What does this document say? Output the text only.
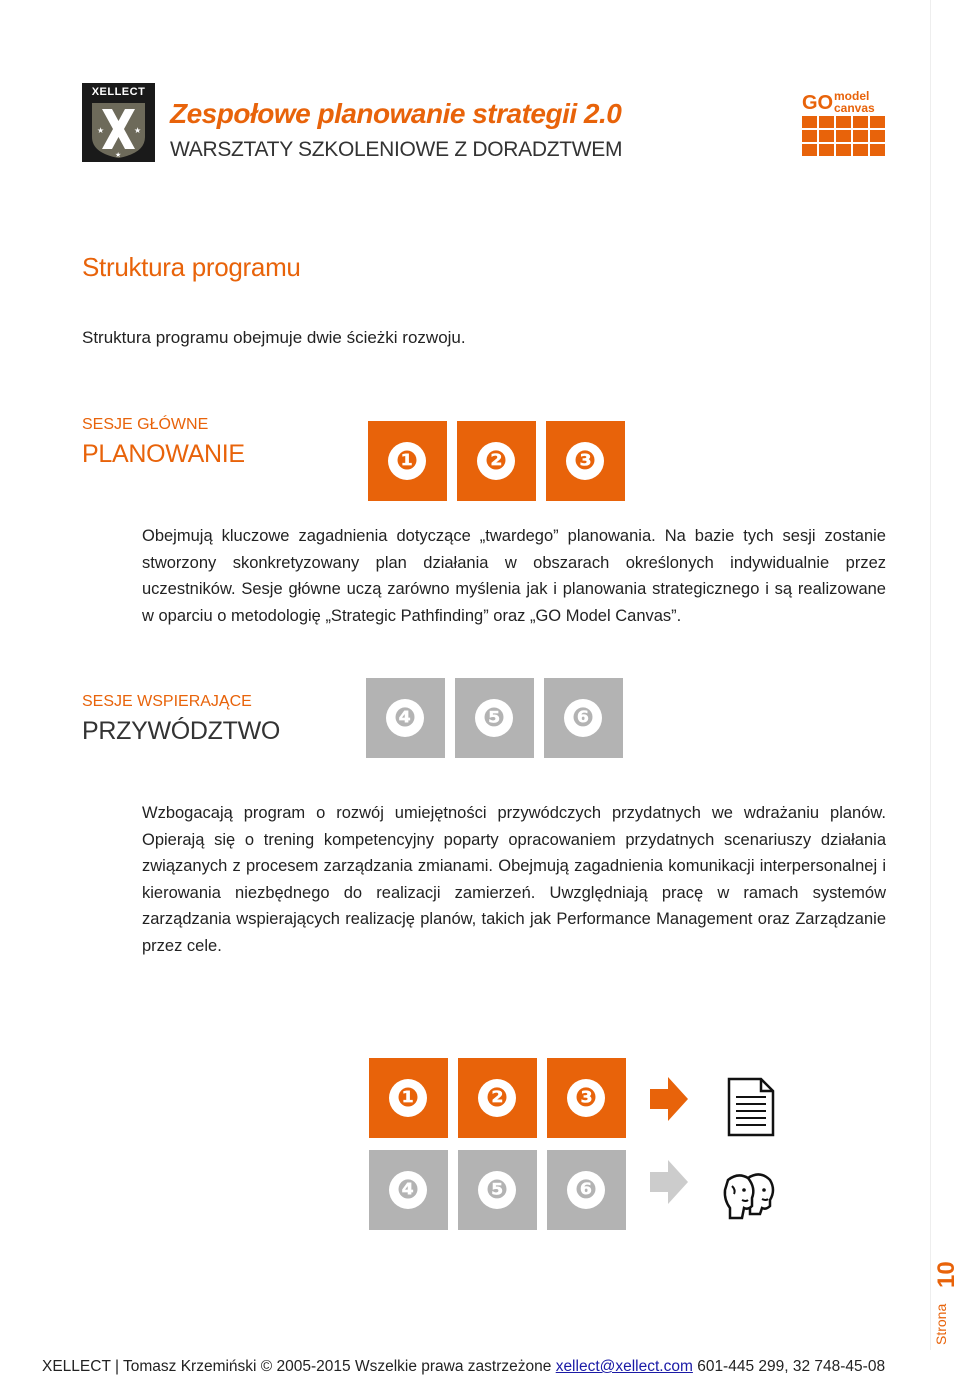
XELLECT
★	★
★
Zespołowe planowanie strategii 2.0
WARSZTATY SZKOLENIOWE Z DORADZTWEM
GO model
canvas
Struktura programu
Struktura programu obejmuje dwie ścieżki rozwoju.
SESJE GŁÓWNE
PLANOWANIE	❶	❷	❸
Obejmują kluczowe zagadnienia dotyczące „twardego” planowania. Na bazie tych sesji zostanie stworzony skonkretyzowany plan działania w obszarach określonych indywidualnie przez uczestników. Sesje główne uczą zarówno myślenia jak i planowania strategicznego i są realizowane w oparciu o metodologię „Strategic Pathfinding” oraz „GO Model Canvas”.
SESJE WSPIERAJĄCE
PRZYWÓDZTWO	❹	❺	❻
Wzbogacają program o rozwój umiejętności przywódczych przydatnych we wdrażaniu planów. Opierają się o trening kompetencyjny poparty opracowaniem przydatnych scenariuszy działania związanych z procesem zarządzania zmianami. Obejmują zagadnienia komunikacji interpersonalnej i kierowania niezbędnego do realizacji zamierzeń. Uwzględniają pracę w ramach systemów zarządzania wspierających realizację planów, takich jak Performance Management oraz Zarządzanie przez cele.
❶	❷	❸
❹	❺	❻
Strona
10
XELLECT | Tomasz Krzemiński © 2005-2015 Wszelkie prawa zastrzeżone xellect@xellect.com 601-445 299, 32 748-45-08
